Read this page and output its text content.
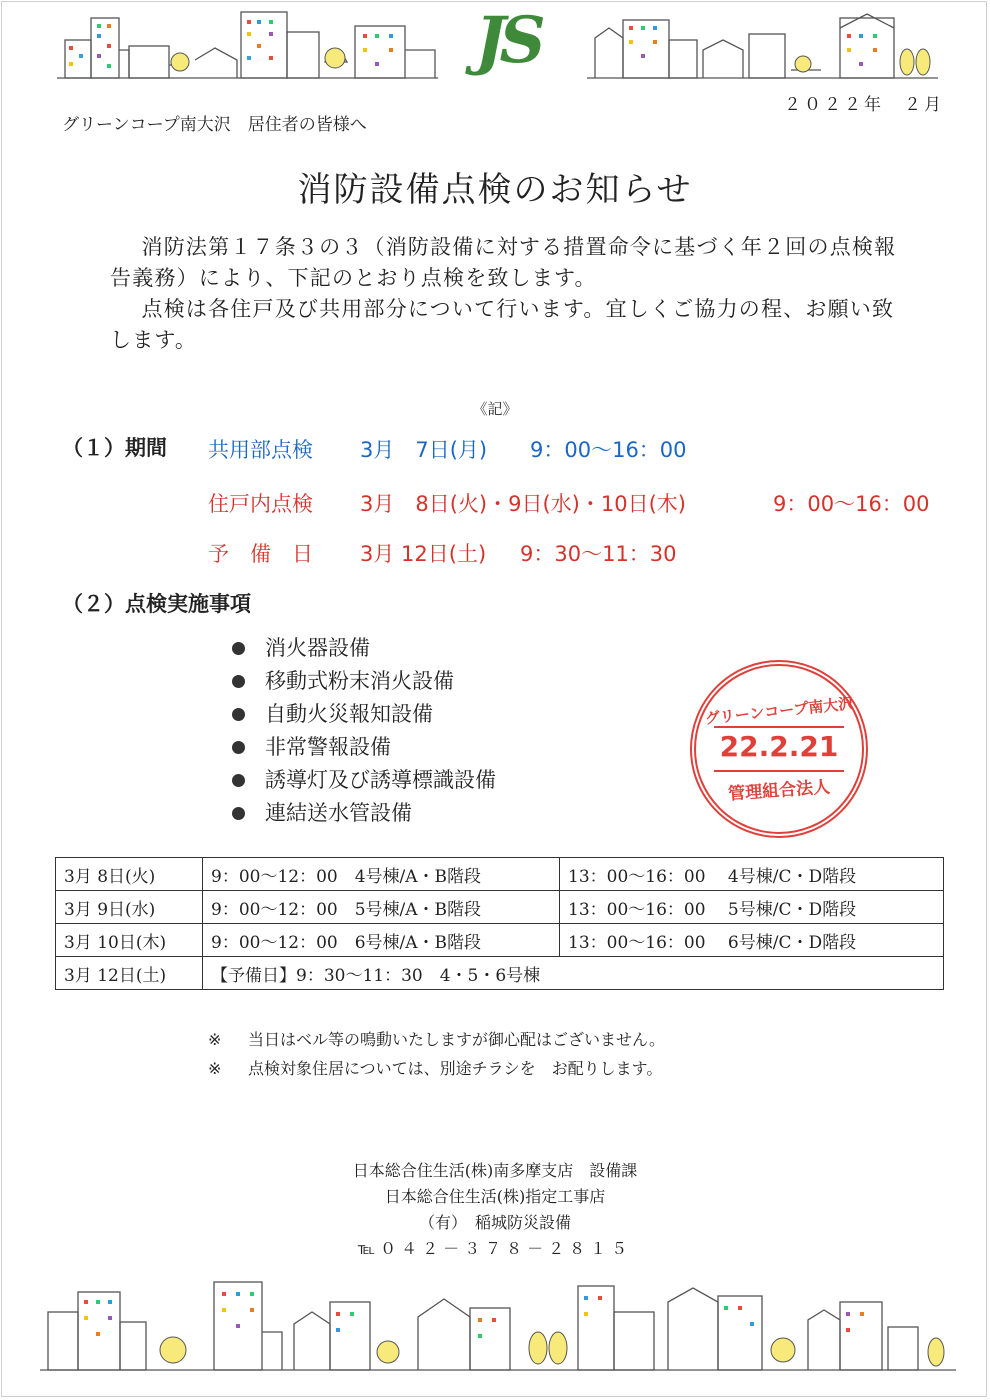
JS
２０２２年　２月
グリーンコープ南大沢　居住者の皆様へ
消防設備点検のお知らせ

消防法第１７条３の３（消防設備に対する措置命令に基づく年２回の点検報告義務）により、下記のとおり点検を致します。

点検は各住戸及び共用部分について行います。宜しくご協力の程、お願い致します。

《記》
（１）期間 共用部点検 3月　7日(月) 9：00〜16：00
住戸内点検 3月　8日(火)・9日(水)・10日(木)	9：00〜16：00
予　備　日 3月 12日(土) 9：30〜11：30
（２）点検実施事項
消火器設備
移動式粉末消火設備
自動火災報知設備
非常警報設備
誘導灯及び誘導標識設備
連結送水管設備
グリーンコープ南大沢
22.2.21
管理組合法人
3月 8日(火)	9：00〜12：00　4号棟/A・B階段	13：00〜16：00　 4号棟/C・D階段
3月 9日(水)	9：00〜12：00　5号棟/A・B階段	13：00〜16：00　 5号棟/C・D階段
3月 10日(木)	9：00〜12：00　6号棟/A・B階段	13：00〜16：00　 6号棟/C・D階段
3月 12日(土)	【予備日】9：30〜11：30　4・5・6号棟	
※ 当日はベル等の鳴動いたしますが御心配はございません。
※ 点検対象住居については、別途チラシを　お配りします。
日本総合住生活(株)南多摩支店　設備課
日本総合住生活(株)指定工事店
（有）　稲城防災設備
℡０４２－３７８－２８１５
